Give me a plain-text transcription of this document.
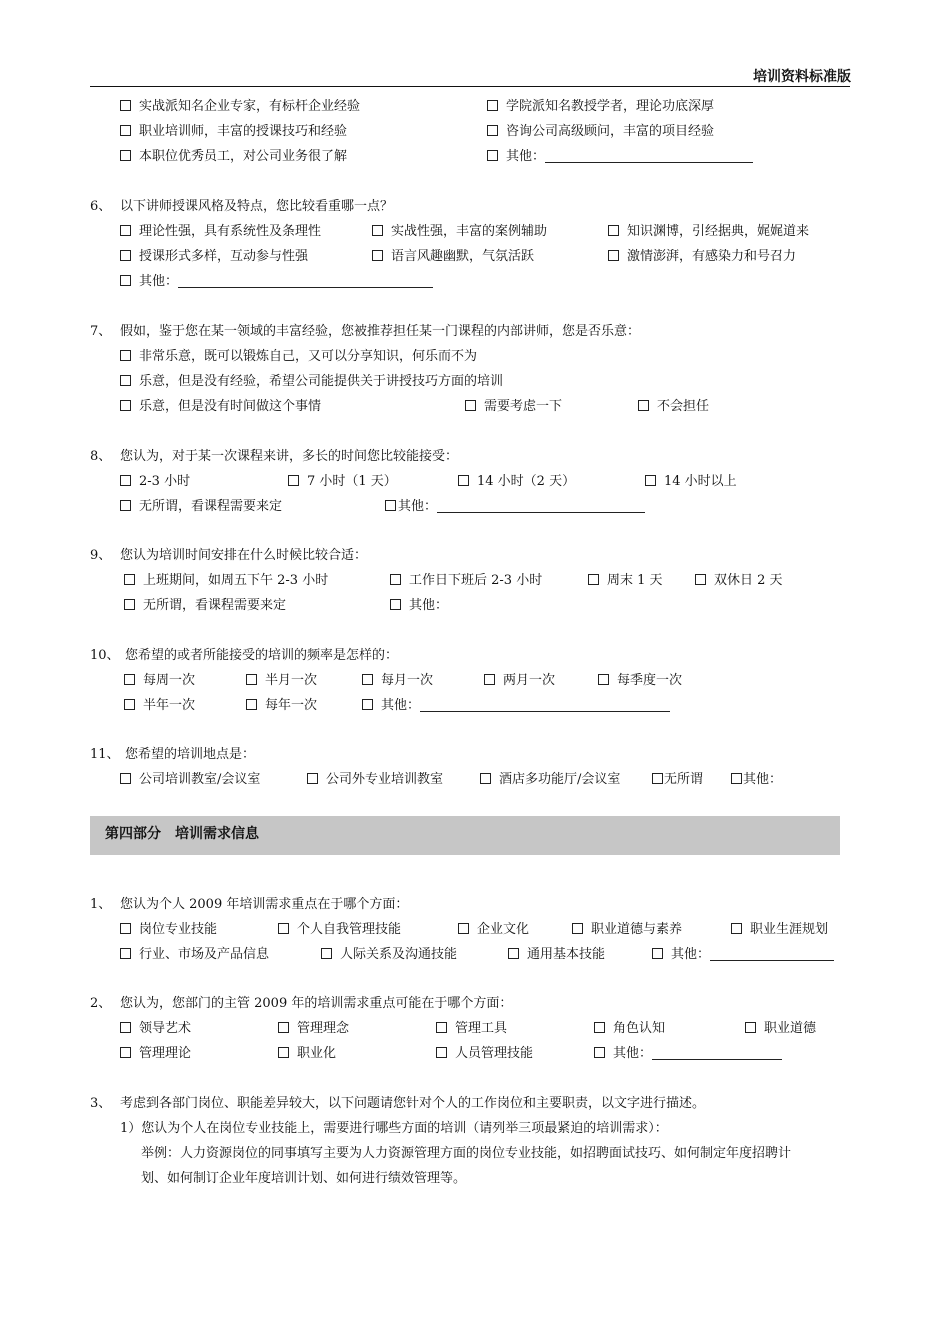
培训资料标准版
实战派知名企业专家，有标杆企业经验	学院派知名教授学者，理论功底深厚
职业培训师，丰富的授课技巧和经验	咨询公司高级顾问，丰富的项目经验
本职位优秀员工，对公司业务很了解	其他：
6、 以下讲师授课风格及特点，您比较看重哪一点？
理论性强，具有系统性及条理性	实战性强，丰富的案例辅助	知识渊博，引经据典，娓娓道来
授课形式多样，互动参与性强	语言风趣幽默，气氛活跃	激情澎湃，有感染力和号召力
其他：
7、 假如，鉴于您在某一领域的丰富经验，您被推荐担任某一门课程的内部讲师，您是否乐意：
非常乐意，既可以锻炼自己，又可以分享知识，何乐而不为
乐意，但是没有经验，希望公司能提供关于讲授技巧方面的培训
乐意，但是没有时间做这个事情	需要考虑一下	不会担任
8、 您认为，对于某一次课程来讲，多长的时间您比较能接受：
2-3 小时	7 小时（1 天）	14 小时（2 天）	14 小时以上
无所谓，看课程需要来定	其他：
9、 您认为培训时间安排在什么时候比较合适：
上班期间，如周五下午 2-3 小时	工作日下班后 2-3 小时	周末 1 天	双休日 2 天
无所谓，看课程需要来定	其他：
10、 您希望的或者所能接受的培训的频率是怎样的：
每周一次	半月一次	每月一次	两月一次	每季度一次
半年一次	每年一次	其他：
11、 您希望的培训地点是：
公司培训教室/会议室	公司外专业培训教室	酒店多功能厅/会议室	无所谓	其他：
第四部分 培训需求信息
1、 您认为个人 2009 年培训需求重点在于哪个方面：
岗位专业技能	个人自我管理技能	企业文化	职业道德与素养	职业生涯规划
行业、市场及产品信息	人际关系及沟通技能	通用基本技能	其他：
2、 您认为，您部门的主管 2009 年的培训需求重点可能在于哪个方面：
领导艺术	管理理念	管理工具	角色认知	职业道德
管理理论	职业化	人员管理技能	其他：
3、 考虑到各部门岗位、职能差异较大，以下问题请您针对个人的工作岗位和主要职责，以文字进行描述。
1）您认为个人在岗位专业技能上，需要进行哪些方面的培训（请列举三项最紧迫的培训需求）：
举例：人力资源岗位的同事填写主要为人力资源管理方面的岗位专业技能，如招聘面试技巧、如何制定年度招聘计
划、如何制订企业年度培训计划、如何进行绩效管理等。
